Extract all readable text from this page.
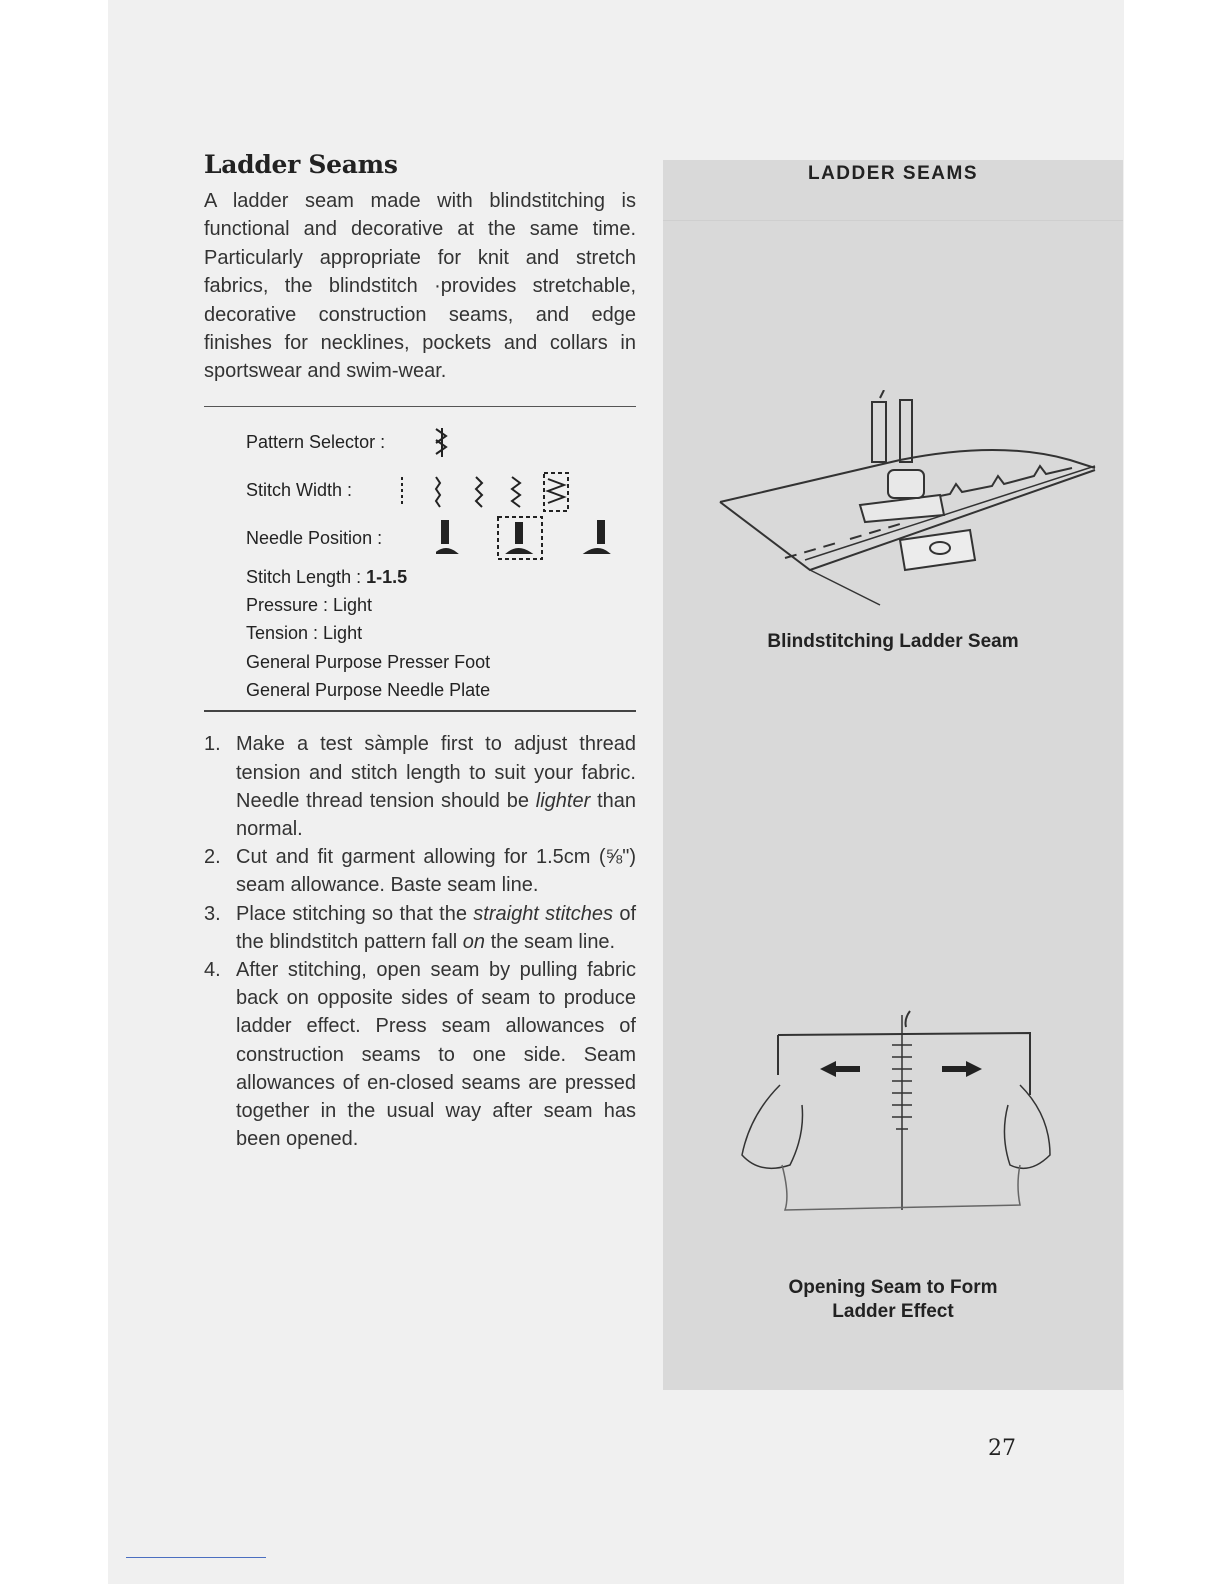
Ladder Seams

A ladder seam made with blindstitching is functional and decorative at the same time. Particularly appropriate for knit and stretch fabrics, the blindstitch ·provides stretchable, decorative construction seams, and edge finishes for necklines, pockets and collars in sportswear and swim-wear.

Pattern Selector :
Stitch Width :
Needle Position :
Stitch Length : 1-1.5
Pressure : Light
Tension : Light
General Purpose Presser Foot
General Purpose Needle Plate
1. Make a test sàmple first to adjust thread tension and stitch length to suit your fabric. Needle thread tension should be lighter than normal.
2. Cut and fit garment allowing for 1.5cm (⅝") seam allowance. Baste seam line.
3. Place stitching so that the straight stitches of the blindstitch pattern fall on the seam line.
4. After stitching, open seam by pulling fabric back on opposite sides of seam to produce ladder effect. Press seam allowances of construction seams to one side. Seam allowances of en-closed seams are pressed together in the usual way after seam has been opened.
LADDER SEAMS
Blindstitching Ladder Seam
Opening Seam to Form
Ladder Effect
27
